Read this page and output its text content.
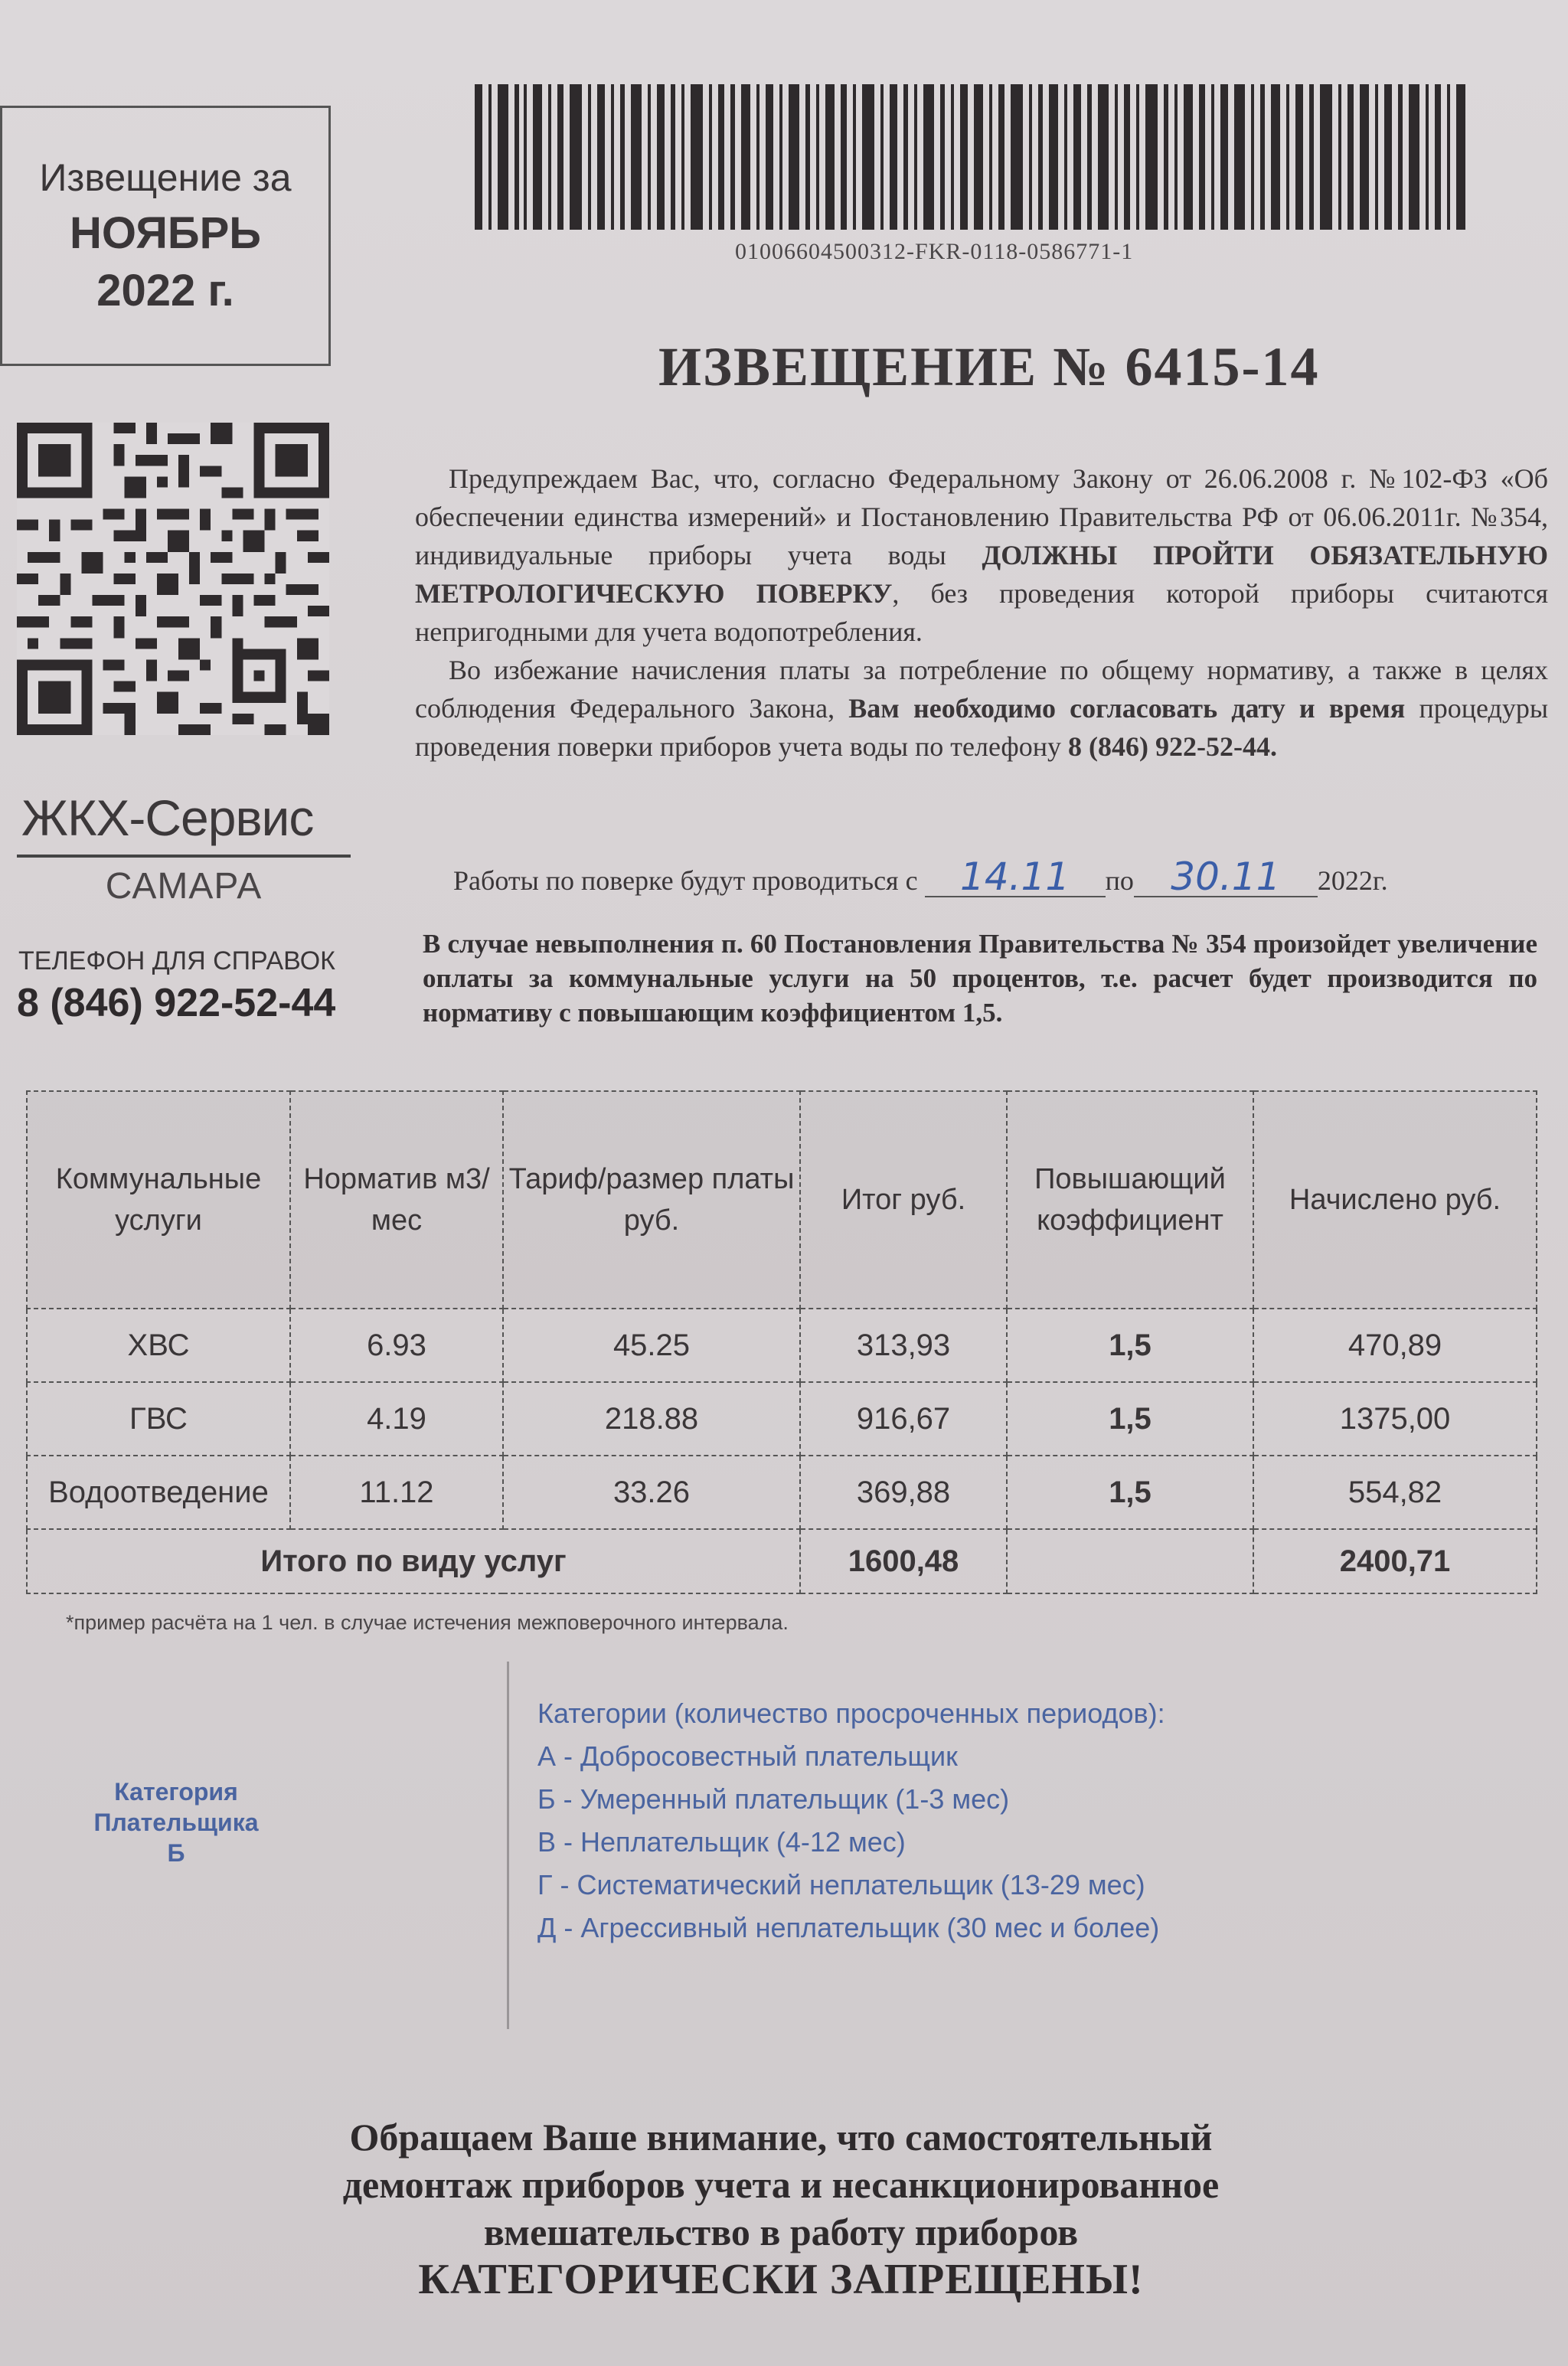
Извещение за
НОЯБРЬ
2022 г.
ЖКХ-Сервис
САМАРА
ТЕЛЕФОН ДЛЯ СПРАВОК
8 (846) 922-52-44
01006604500312-FKR-0118-0586771-1
ИЗВЕЩЕНИЕ № 6415-14

Предупреждаем Вас, что, согласно Федеральному Закону от 26.06.2008 г. №102-ФЗ «Об обеспечении единства измерений» и Постановлению Правительства РФ от 06.06.2011г. №354, индивидуальные приборы учета воды ДОЛЖНЫ ПРОЙТИ ОБЯЗАТЕЛЬНУЮ МЕТРОЛОГИЧЕСКУЮ ПОВЕРКУ, без проведения которой приборы считаются непригодными для учета водопотребления.

Во избежание начисления платы за потребление по общему нормативу, а также в целях соблюдения Федерального Закона, Вам необходимо согласовать дату и время процедуры проведения поверки приборов учета воды по телефону 8 (846) 922-52-44.

Работы по поверке будут проводиться с 14.11 по 30.11 2022г.
В случае невыполнения п. 60 Постановления Правительства № 354 произойдет увеличение оплаты за коммунальные услуги на 50 процентов, т.е. расчет будет производится по нормативу с повышающим коэффициентом 1,5.
Коммунальные услуги	Норматив м3/мес	Тариф/размер платы руб.	Итог руб.	Повышающий коэффициент	Начислено руб.
ХВС	6.93	45.25	313,93	1,5	470,89
ГВС	4.19	218.88	916,67	1,5	1375,00
Водоотведение	11.12	33.26	369,88	1,5	554,82
Итого по виду услуг			1600,48		2400,71
*пример расчёта на 1 чел. в случае истечения межповерочного интервала.
Категория
Плательщика
Б
Категории (количество просроченных периодов):
А - Добросовестный плательщик
Б - Умеренный плательщик (1-3 мес)
В - Неплательщик (4-12 мес)
Г - Систематический неплательщик (13-29 мес)
Д - Агрессивный неплательщик (30 мес и более)
Обращаем Ваше внимание, что самостоятельный
демонтаж приборов учета и несанкционированное
вмешательство в работу приборов
КАТЕГОРИЧЕСКИ ЗАПРЕЩЕНЫ!
